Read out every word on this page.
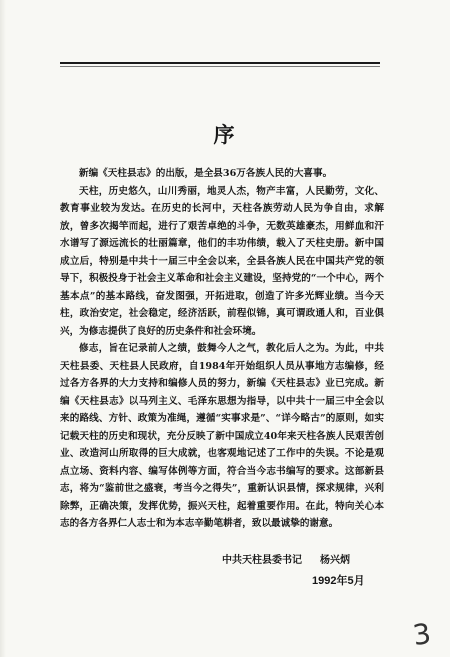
序

新编《天柱县志》的出版，是全县36万各族人民的大喜事。

天柱，历史悠久，山川秀丽，地灵人杰，物产丰富，人民勤劳，文化、教育事业较为发达。在历史的长河中，天柱各族劳动人民为争自由，求解放，曾多次揭竿而起，进行了艰苦卓绝的斗争，无数英雄豪杰，用鲜血和汗水谱写了源远流长的壮丽篇章，他们的丰功伟绩，载入了天柱史册。新中国成立后，特别是中共十一届三中全会以来，全县各族人民在中国共产党的领导下，积极投身于社会主义革命和社会主义建设，坚持党的“一个中心，两个基本点”的基本路线，奋发图强，开拓进取，创造了许多光辉业绩。当今天柱，政治安定，社会稳定，经济活跃，前程似锦，真可谓政通人和，百业俱兴，为修志提供了良好的历史条件和社会环境。

修志，旨在记录前人之绩，鼓舞今人之气，教化后人之为。为此，中共天柱县委、天柱县人民政府，自1984年开始组织人员从事地方志编修，经过各方各界的大力支持和编修人员的努力，新编《天柱县志》业已完成。新编《天柱县志》以马列主义、毛泽东思想为指导，以中共十一届三中全会以来的路线、方针、政策为准绳，遵循“实事求是”、“详今略古”的原则，如实记载天柱的历史和现状，充分反映了新中国成立40年来天柱各族人民艰苦创业、改造河山所取得的巨大成就，也客观地记述了工作中的失误。不论是观点立场、资料内容、编写体例等方面，符合当今志书编写的要求。这部新县志，将为“鉴前世之盛衰，考当今之得失”，重新认识县情，探求规律，兴利除弊，正确决策，发挥优势，振兴天柱，起着重要作用。在此，特向关心本志的各方各界仁人志士和为本志辛勤笔耕者，致以最诚挚的谢意。

中共天柱县委书记 杨兴炳
1992年5月
3
